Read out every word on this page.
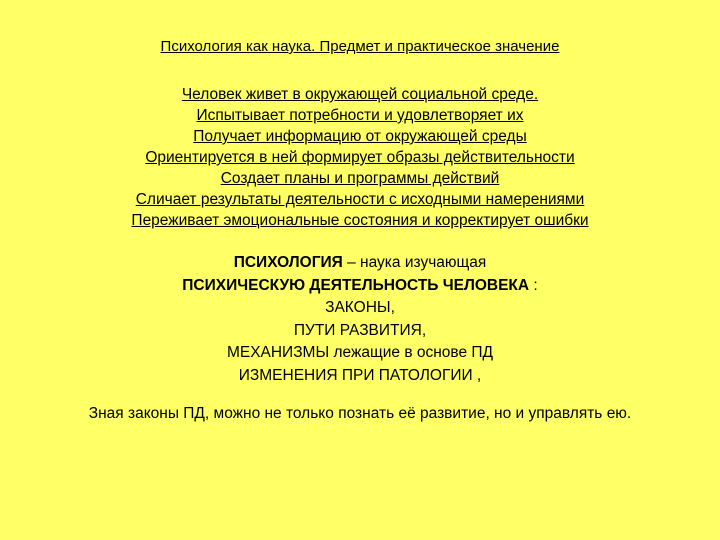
Психология как наука. Предмет и практическое значение
Человек живет в окружающей социальной среде.
Испытывает потребности и удовлетворяет их
Получает информацию от окружающей среды
Ориентируется в ней формирует образы действительности
Создает планы и программы действий
Сличает результаты деятельности с исходными намерениями
Переживает эмоциональные состояния и корректирует ошибки
ПСИХОЛОГИЯ – наука изучающая
ПСИХИЧЕСКУЮ ДЕЯТЕЛЬНОСТЬ ЧЕЛОВЕКА :
ЗАКОНЫ,
ПУТИ РАЗВИТИЯ,
МЕХАНИЗМЫ лежащие в основе ПД
ИЗМЕНЕНИЯ ПРИ ПАТОЛОГИИ ,
Зная законы ПД, можно не только познать её развитие, но и управлять ею.
